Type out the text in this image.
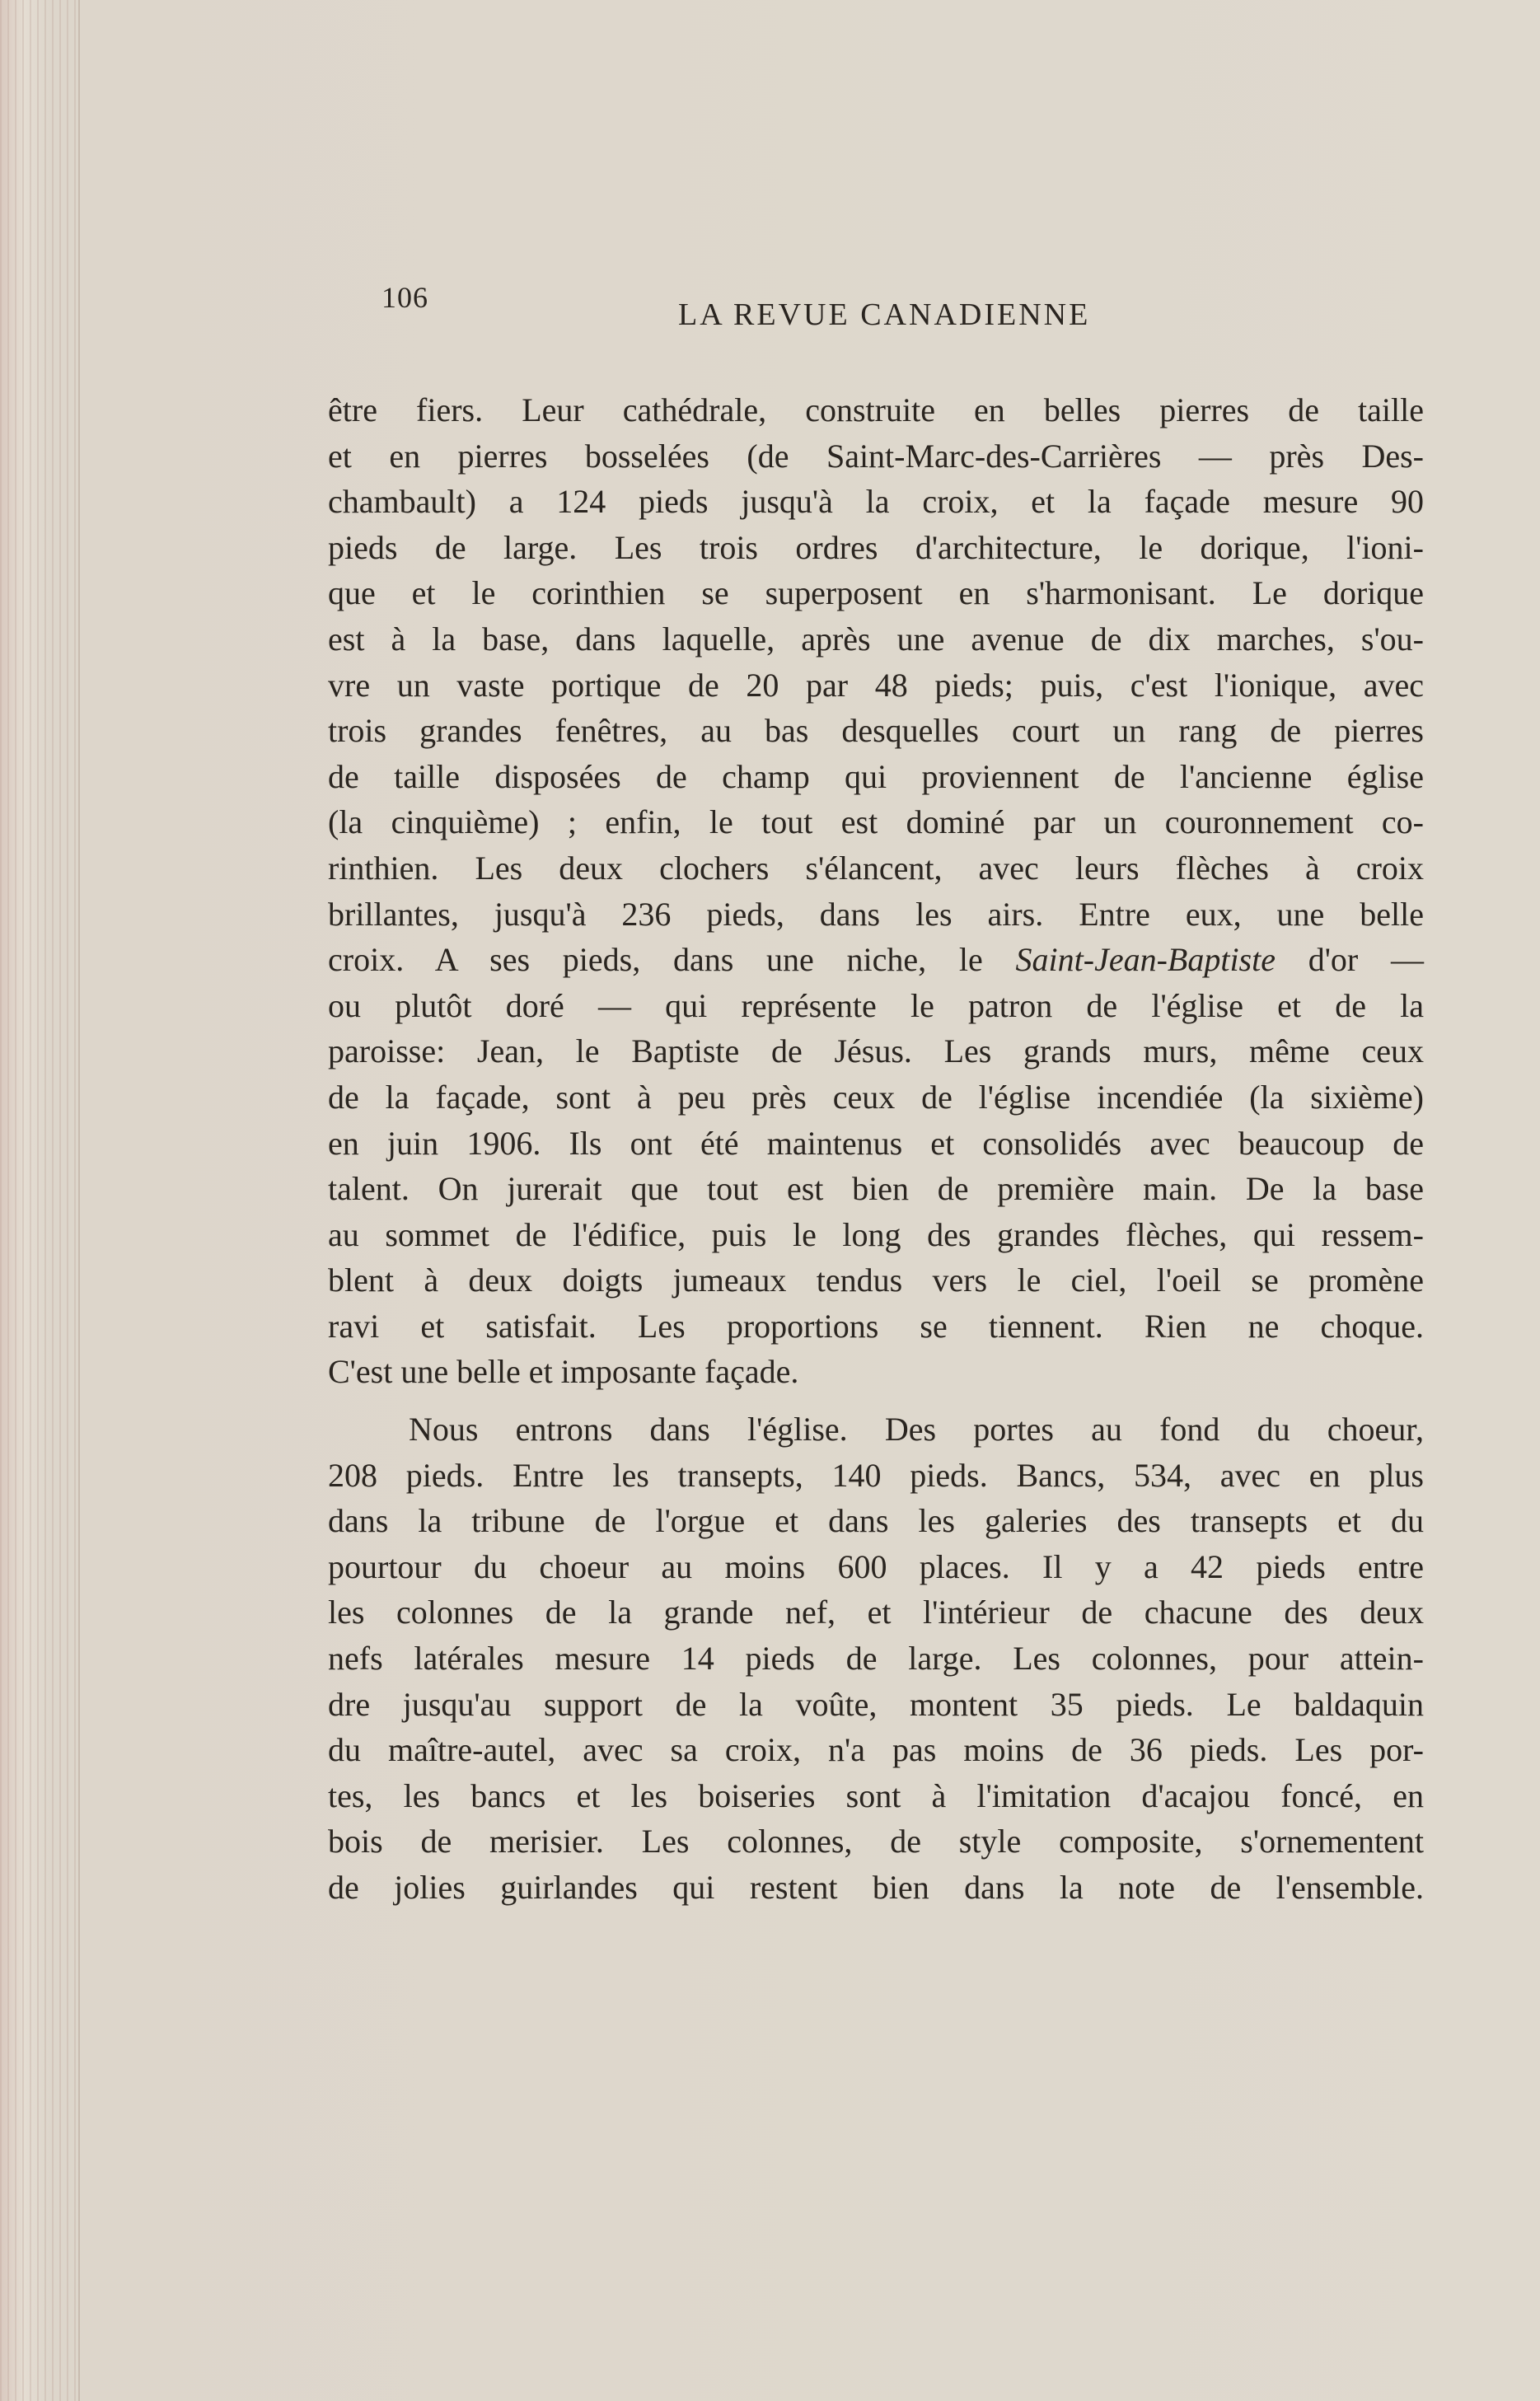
106	LA REVUE CANADIENNE
être fiers. Leur cathédrale, construite en belles pierres de taille
et en pierres bosselées (de Saint-Marc-des-Carrières — près Des-
chambault) a 124 pieds jusqu'à la croix, et la façade mesure 90
pieds de large. Les trois ordres d'architecture, le dorique, l'ioni-
que et le corinthien se superposent en s'harmonisant. Le dorique
est à la base, dans laquelle, après une avenue de dix marches, s'ou-
vre un vaste portique de 20 par 48 pieds; puis, c'est l'ionique, avec
trois grandes fenêtres, au bas desquelles court un rang de pierres
de taille disposées de champ qui proviennent de l'ancienne église
(la cinquième) ; enfin, le tout est dominé par un couronnement co-
rinthien. Les deux clochers s'élancent, avec leurs flèches à croix
brillantes, jusqu'à 236 pieds, dans les airs. Entre eux, une belle
croix. A ses pieds, dans une niche, le Saint-Jean-Baptiste d'or —
ou plutôt doré — qui représente le patron de l'église et de la
paroisse: Jean, le Baptiste de Jésus. Les grands murs, même ceux
de la façade, sont à peu près ceux de l'église incendiée (la sixième)
en juin 1906. Ils ont été maintenus et consolidés avec beaucoup de
talent. On jurerait que tout est bien de première main. De la base
au sommet de l'édifice, puis le long des grandes flèches, qui ressem-
blent à deux doigts jumeaux tendus vers le ciel, l'oeil se promène
ravi et satisfait. Les proportions se tiennent. Rien ne choque.
C'est une belle et imposante façade.
Nous entrons dans l'église. Des portes au fond du choeur,
208 pieds. Entre les transepts, 140 pieds. Bancs, 534, avec en plus
dans la tribune de l'orgue et dans les galeries des transepts et du
pourtour du choeur au moins 600 places. Il y a 42 pieds entre
les colonnes de la grande nef, et l'intérieur de chacune des deux
nefs latérales mesure 14 pieds de large. Les colonnes, pour attein-
dre jusqu'au support de la voûte, montent 35 pieds. Le baldaquin
du maître-autel, avec sa croix, n'a pas moins de 36 pieds. Les por-
tes, les bancs et les boiseries sont à l'imitation d'acajou foncé, en
bois de merisier. Les colonnes, de style composite, s'ornementent
de jolies guirlandes qui restent bien dans la note de l'ensemble.
